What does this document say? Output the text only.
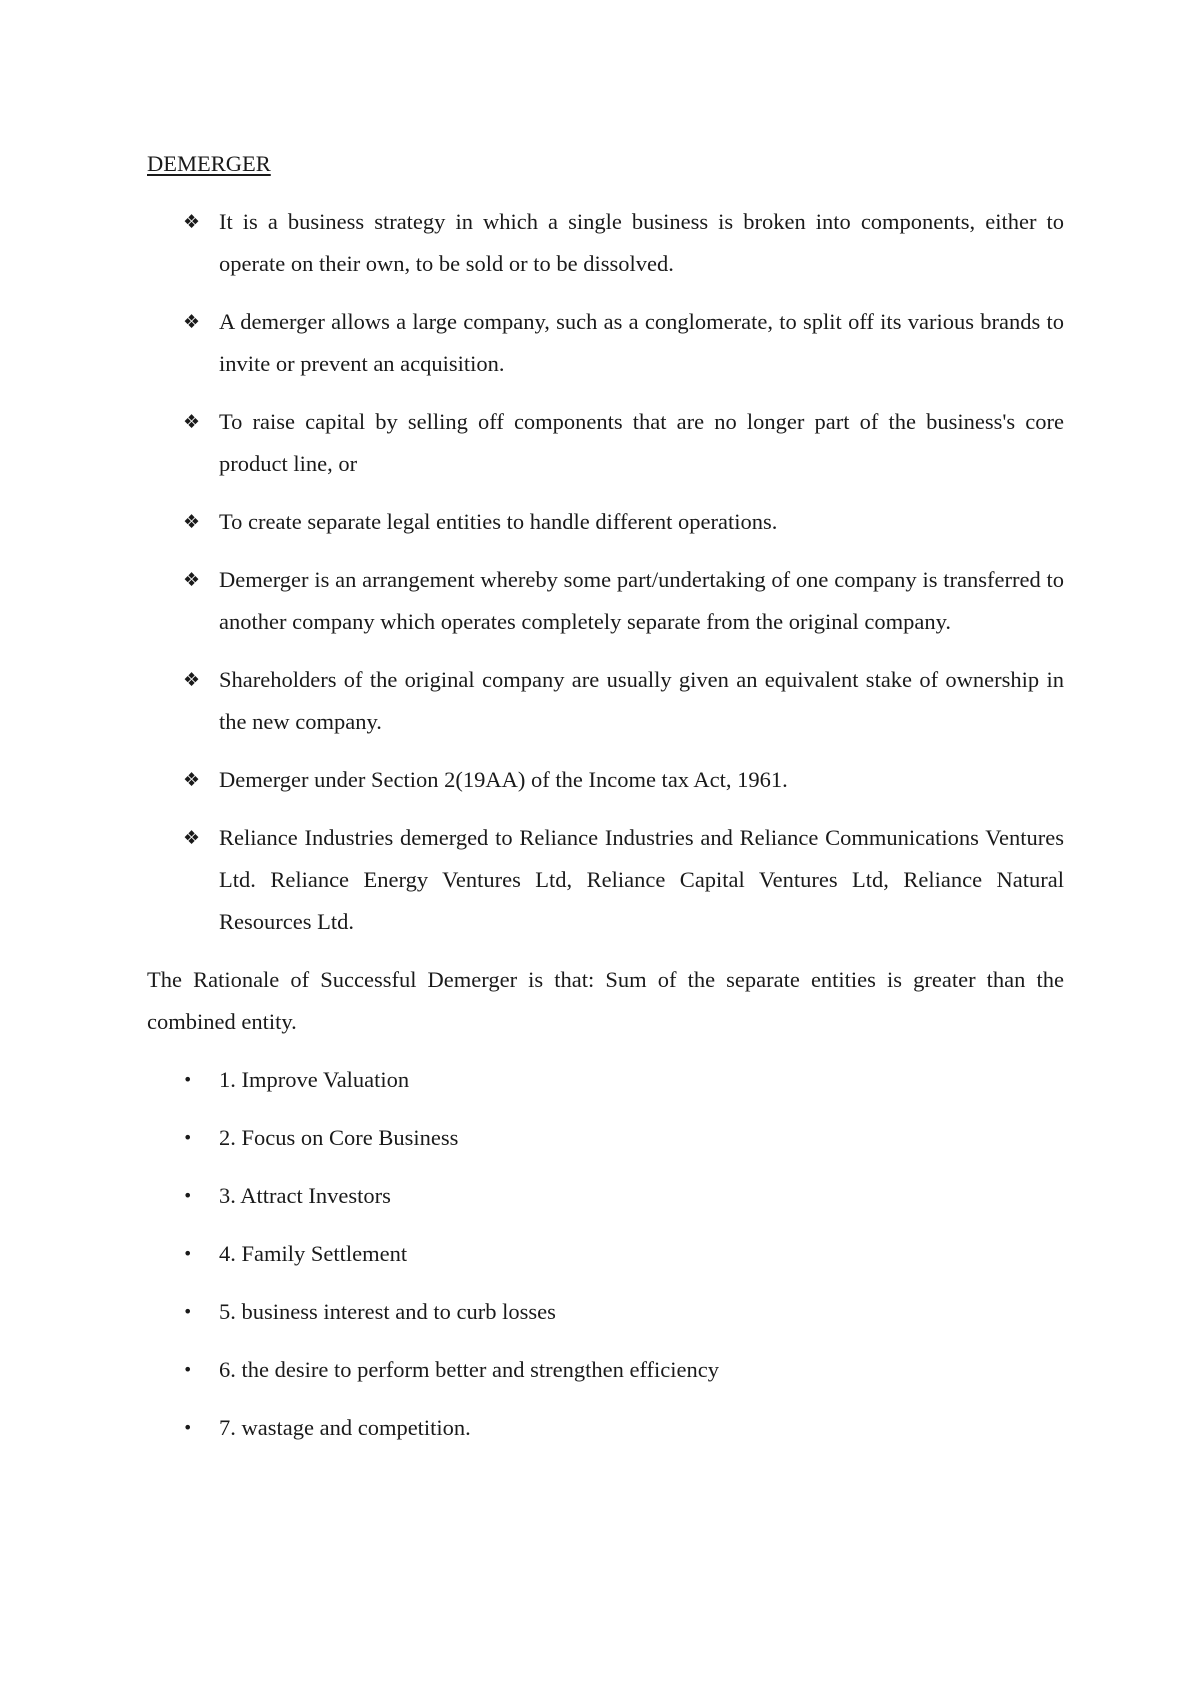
DEMERGER
❖ It is a business strategy in which a single business is broken into components, either to operate on their own, to be sold or to be dissolved.
❖ A demerger allows a large company, such as a conglomerate, to split off its various brands to invite or prevent an acquisition.
❖ To raise capital by selling off components that are no longer part of the business's core product line, or
❖ To create separate legal entities to handle different operations.
❖ Demerger is an arrangement whereby some part/undertaking of one company is transferred to another company which operates completely separate from the original company.
❖ Shareholders of the original company are usually given an equivalent stake of ownership in the new company.
❖ Demerger under Section 2(19AA) of the Income tax Act, 1961.
❖ Reliance Industries demerged to Reliance Industries and Reliance Communications Ventures Ltd. Reliance Energy Ventures Ltd, Reliance Capital Ventures Ltd, Reliance Natural Resources Ltd.

The Rationale of Successful Demerger is that: Sum of the separate entities is greater than the combined entity.

• 1. Improve Valuation
• 2. Focus on Core Business
• 3. Attract Investors
• 4. Family Settlement
• 5. business interest and to curb losses
• 6. the desire to perform better and strengthen efficiency
• 7. wastage and competition.
